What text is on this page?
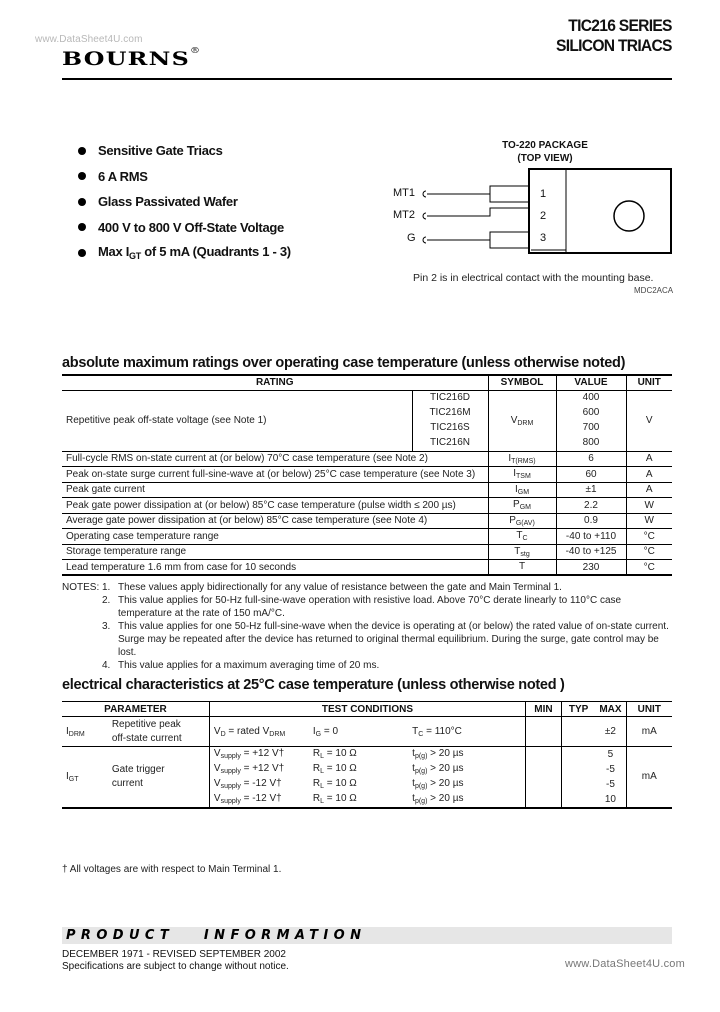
www.DataSheet4U.com
BOURNS®
TIC216 SERIES
SILICON TRIACS
Sensitive Gate Triacs
6 A RMS
Glass Passivated Wafer
400 V to 800 V Off-State Voltage
Max $I_{GT}$ of 5 mA (Quadrants 1 - 3)
TO-220 PACKAGE
(TOP VIEW)
MT1
MT2
G
1
2
3
Pin 2 is in electrical contact with the mounting base.
MDC2ACA
absolute maximum ratings over operating case temperature (unless otherwise noted)
RATING		SYMBOL	VALUE	UNIT
Repetitive peak off-state voltage (see Note 1)	TIC216D	$V_{DRM}$	400	V
	TIC216M		600	
	TIC216S		700	
	TIC216N		800	
Full-cycle RMS on-state current at (or below) 70°C case temperature (see Note 2)		$I_{T(RMS)}$	6	A
Peak on-state surge current full-sine-wave at (or below) 25°C case temperature (see Note 3)		$I_{TSM}$	60	A
Peak gate current		$I_{GM}$	±1	A
Peak gate power dissipation at (or below) 85°C case temperature (pulse width ≤ 200 µs)		$P_{GM}$	2.2	W
Average gate power dissipation at (or below) 85°C case temperature (see Note 4)		$P_{G(AV)}$	0.9	W
Operating case temperature range		$T_C$	-40 to +110	°C
Storage temperature range		$T_{stg}$	-40 to +125	°C
Lead temperature 1.6 mm from case for 10 seconds		T	230	°C
NOTES: 1. These values apply bidirectionally for any value of resistance between the gate and Main Terminal 1.
2. This value applies for 50-Hz full-sine-wave operation with resistive load. Above 70°C derate linearly to 110°C case temperature at the rate of 150 mA/°C.
3. This value applies for one 50-Hz full-sine-wave when the device is operating at (or below) the rated value of on-state current. Surge may be repeated after the device has returned to original thermal equilibrium. During the surge, gate control may be lost.
4. This value applies for a maximum averaging time of 20 ms.
electrical characteristics at 25°C case temperature (unless otherwise noted )
PARAMETER		TEST CONDITIONS			MIN	TYP	MAX	UNIT
$I_{DRM}$	Repetitive peak
off-state current	$V_D$ = rated $V_{DRM}$	$I_G = 0$	$T_C = 110^\circ C$			±2	mA
$I_{GT}$	Gate trigger
current	$V_{supply} = +12$ V†	$R_L = 10$ Ω	$t_{p(g)} > 20$ µs			5	mA
		$V_{supply} = +12$ V†	$R_L = 10$ Ω	$t_{p(g)} > 20$ µs			-5	
		$V_{supply} = -12$ V†	$R_L = 10$ Ω	$t_{p(g)} > 20$ µs			-5	
		$V_{supply} = -12$ V†	$R_L = 10$ Ω	$t_{p(g)} > 20$ µs			10	
† All voltages are with respect to Main Terminal 1.
PRODUCT   INFORMATION
DECEMBER 1971 - REVISED SEPTEMBER 2002
Specifications are subject to change without notice.	www.DataSheet4U.com
